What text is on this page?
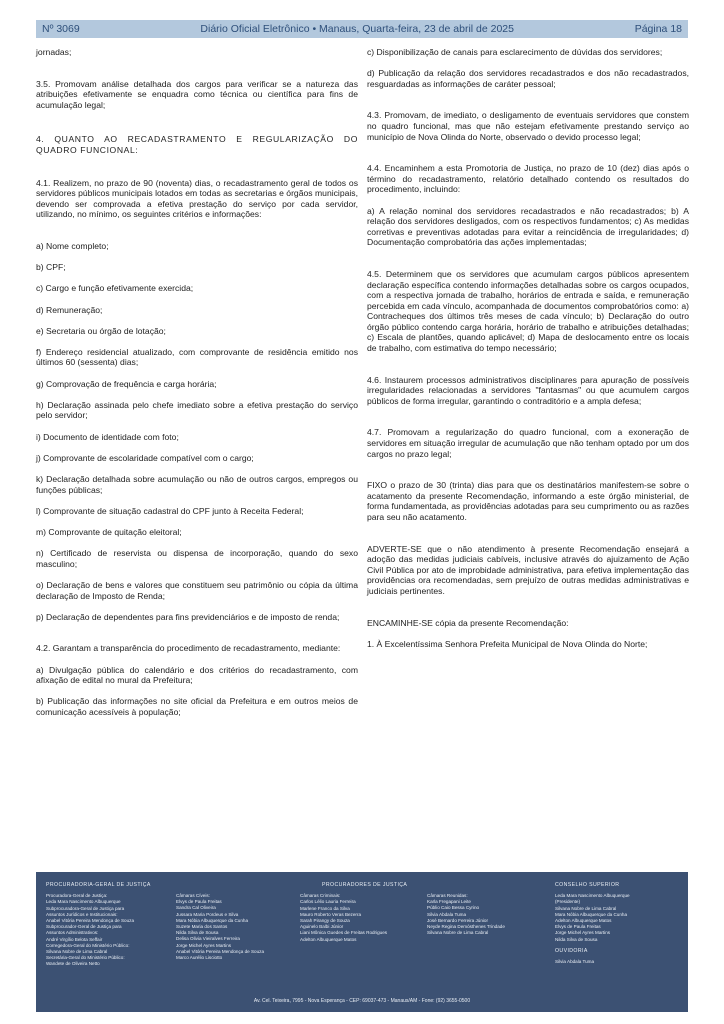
Nº 3069	Diário Oficial Eletrônico • Manaus, Quarta-feira, 23 de abril de 2025	Página 18

jornadas;

3.5. Promovam análise detalhada dos cargos para verificar se a natureza das atribuições efetivamente se enquadra como técnica ou científica para fins de acumulação legal;

4. QUANTO AO RECADASTRAMENTO E REGULARIZAÇÃO DO QUADRO FUNCIONAL:

4.1. Realizem, no prazo de 90 (noventa) dias, o recadastramento geral de todos os servidores públicos municipais lotados em todas as secretarias e órgãos municipais, devendo ser comprovada a efetiva prestação do serviço por cada servidor, utilizando, no mínimo, os seguintes critérios e informações:

a) Nome completo;

b) CPF;

c) Cargo e função efetivamente exercida;

d) Remuneração;

e) Secretaria ou órgão de lotação;

f) Endereço residencial atualizado, com comprovante de residência emitido nos últimos 60 (sessenta) dias;

g) Comprovação de frequência e carga horária;

h) Declaração assinada pelo chefe imediato sobre a efetiva prestação do serviço pelo servidor;

i) Documento de identidade com foto;

j) Comprovante de escolaridade compatível com o cargo;

k) Declaração detalhada sobre acumulação ou não de outros cargos, empregos ou funções públicas;

l) Comprovante de situação cadastral do CPF junto à Receita Federal;

m) Comprovante de quitação eleitoral;

n) Certificado de reservista ou dispensa de incorporação, quando do sexo masculino;

o) Declaração de bens e valores que constituem seu patrimônio ou cópia da última declaração de Imposto de Renda;

p) Declaração de dependentes para fins previdenciários e de imposto de renda;

4.2. Garantam a transparência do procedimento de recadastramento, mediante:

a) Divulgação pública do calendário e dos critérios do recadastramento, com afixação de edital no mural da Prefeitura;

b) Publicação das informações no site oficial da Prefeitura e em outros meios de comunicação acessíveis à população;

c) Disponibilização de canais para esclarecimento de dúvidas dos servidores;

d) Publicação da relação dos servidores recadastrados e dos não recadastrados, resguardadas as informações de caráter pessoal;

4.3. Promovam, de imediato, o desligamento de eventuais servidores que constem no quadro funcional, mas que não estejam efetivamente prestando serviço ao município de Nova Olinda do Norte, observado o devido processo legal;

4.4. Encaminhem a esta Promotoria de Justiça, no prazo de 10 (dez) dias após o término do recadastramento, relatório detalhado contendo os resultados do procedimento, incluindo:

a) A relação nominal dos servidores recadastrados e não recadastrados; b) A relação dos servidores desligados, com os respectivos fundamentos; c) As medidas corretivas e preventivas adotadas para evitar a reincidência de irregularidades; d) Documentação comprobatória das ações implementadas;

4.5. Determinem que os servidores que acumulam cargos públicos apresentem declaração específica contendo informações detalhadas sobre os cargos ocupados, com a respectiva jornada de trabalho, horários de entrada e saída, e remuneração percebida em cada vínculo, acompanhada de documentos comprobatórios como: a) Contracheques dos últimos três meses de cada vínculo; b) Declaração do outro órgão público contendo carga horária, horário de trabalho e atribuições detalhadas; c) Escala de plantões, quando aplicável; d) Mapa de deslocamento entre os locais de trabalho, com estimativa do tempo necessário;

4.6. Instaurem processos administrativos disciplinares para apuração de possíveis irregularidades relacionadas a servidores "fantasmas" ou que acumulem cargos públicos de forma irregular, garantindo o contraditório e a ampla defesa;

4.7. Promovam a regularização do quadro funcional, com a exoneração de servidores em situação irregular de acumulação que não tenham optado por um dos cargos no prazo legal;

FIXO o prazo de 30 (trinta) dias para que os destinatários manifestem-se sobre o acatamento da presente Recomendação, informando a este órgão ministerial, de forma fundamentada, as providências adotadas para seu cumprimento ou as razões para seu não acatamento.

ADVERTE-SE que o não atendimento à presente Recomendação ensejará a adoção das medidas judiciais cabíveis, inclusive através do ajuizamento de Ação Civil Pública por ato de improbidade administrativa, para efetiva implementação das providências ora recomendadas, sem prejuízo de outras medidas administrativas e judiciais pertinentes.

ENCAMINHE-SE cópia da presente Recomendação:

1. À Excelentíssima Senhora Prefeita Municipal de Nova Olinda do Norte;

PROCURADORIA-GERAL DE JUSTIÇA
Procuradora-Geral de Justiça:
Leda Mara Nascimento Albuquerque
Subprocuradora-Geral de Justiça para
Assuntos Jurídicos e Institucionais:
Anabel Vitória Pereira Mendonça de Souza
Subprocurador-Geral de Justiça para
Assuntos Administrativos:
André Virgílio Belota Seffair
Corregedora-Geral do Ministério Público:
Silvana Nobre de Lima Cabral
Secretária-Geral do Ministério Público:
Wandete de Oliveira Netto
Câmaras Cíveis:
Elvys de Paula Freitas
Sandra Cal Oliveira
Jussara Maria Pordeus e Silva
Mara Nóbia Albuquerque da Cunha
Suzete Maria dos Santos
Nilda Silva de Sousa
Delisa Olivia Vieiralves Ferreira
Jorge Michel Ayres Martins
Anabel Vitória Pereira Mendonça de Souza
Marco Aurélio Lisciotto
PROCURADORES DE JUSTIÇA
Câmaras Criminais:
Carlos Lélio Lauria Ferreira
Marlene Franco da Silva
Mauro Roberto Veras Bezerra
Sarah Pirangy de Souza
Aguinelo Balbi Júnior
Liani Mônica Guedes de Freitas Rodrigues
Adelton Albuquerque Matos
Câmaras Reunidas:
Karla Fregapani Leite
Públio Caio Bessa Cyrino
Silvia Abdala Tuma
José Bernardo Ferreira Júnior
Neyde Regina Demósthenes Trindade
Silvana Nobre de Lima Cabral
CONSELHO SUPERIOR
Leda Mara Nascimento Albuquerque
(Presidente)
Silvana Nobre de Lima Cabral
Mara Nóbia Albuquerque da Cunha
Adelton Albuquerque Matos
Elvys de Paula Freitas
Jorge Michel Ayres Martins
Nilda Silva de Sousa
OUVIDORIA
Silvia Abdala Tuma
Av. Cel. Teixeira, 7995 - Nova Esperança - CEP: 69037-473 - Manaus/AM - Fone: (92) 3655-0500
